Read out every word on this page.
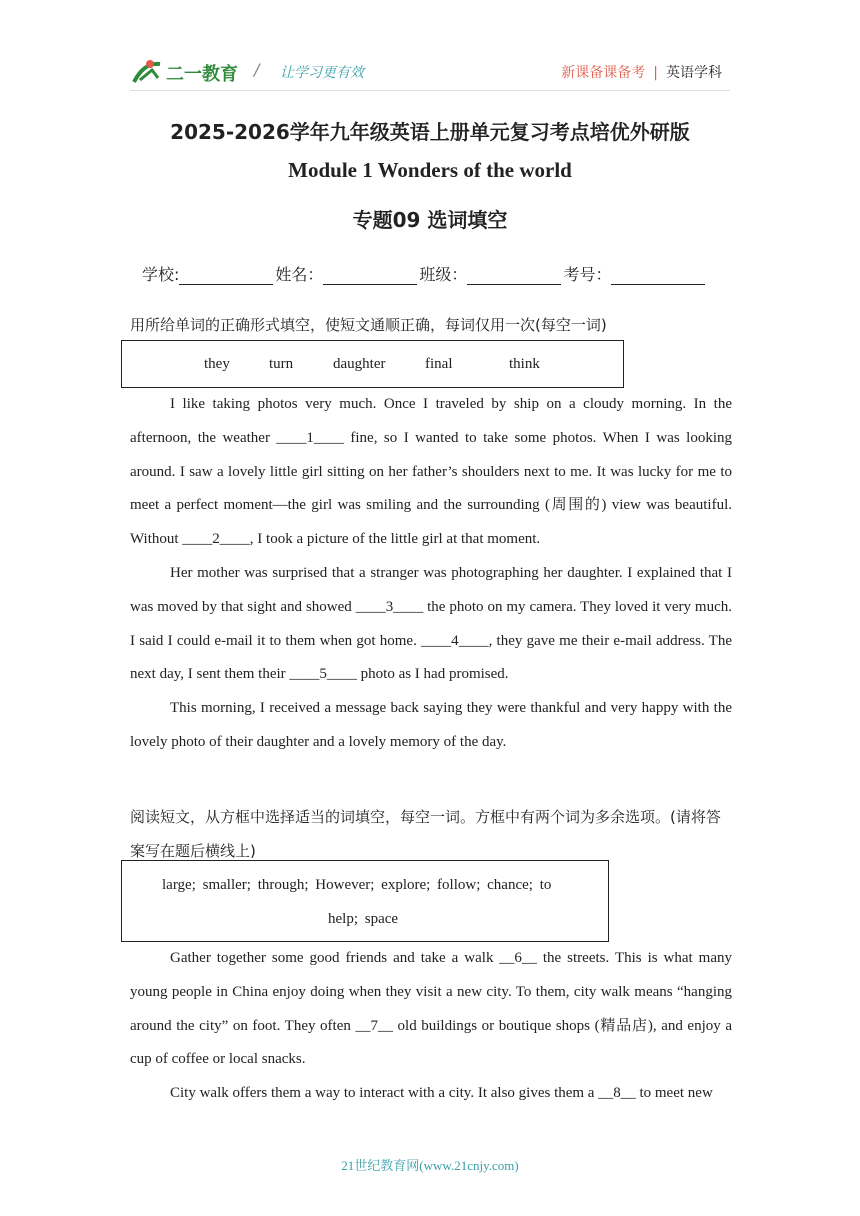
二一教育 / 让学习更有效	新课备课备考 | 英语学科
2025-2026学年九年级英语上册单元复习考点培优外研版
Module 1 Wonders of the world
专题09 选词填空
学校:	姓名：	班级：	考号：
用所给单词的正确形式填空，使短文通顺正确，每词仅用一次(每空一词)
they	turn	daughter	final	think
I like taking photos very much. Once I traveled by ship on a cloudy morning. In the afternoon, the weather ____1____ fine, so I wanted to take some photos. When I was looking around. I saw a lovely little girl sitting on her father’s shoulders next to me. It was lucky for me to meet a perfect moment—the girl was smiling and the surrounding (周围的) view was beautiful. Without ____2____, I took a picture of the little girl at that moment.
Her mother was surprised that a stranger was photographing her daughter. I explained that I was moved by that sight and showed ____3____ the photo on my camera. They loved it very much. I said I could e-mail it to them when got home. ____4____, they gave me their e-mail address. The next day, I sent them their ____5____ photo as I had promised.
This morning, I received a message back saying they were thankful and very happy with the lovely photo of their daughter and a lovely memory of the day.
阅读短文，从方框中选择适当的词填空，每空一词。方框中有两个词为多余选项。(请将答案写在题后横线上)
large; smaller; through; However; explore; follow; chance; to
help; space
Gather together some good friends and take a walk __6__ the streets. This is what many young people in China enjoy doing when they visit a new city. To them, city walk means “hanging around the city” on foot. They often __7__ old buildings or boutique shops (精品店), and enjoy a cup of coffee or local snacks.
City walk offers them a way to interact with a city. It also gives them a __8__ to meet new
21世纪教育网(www.21cnjy.com)
